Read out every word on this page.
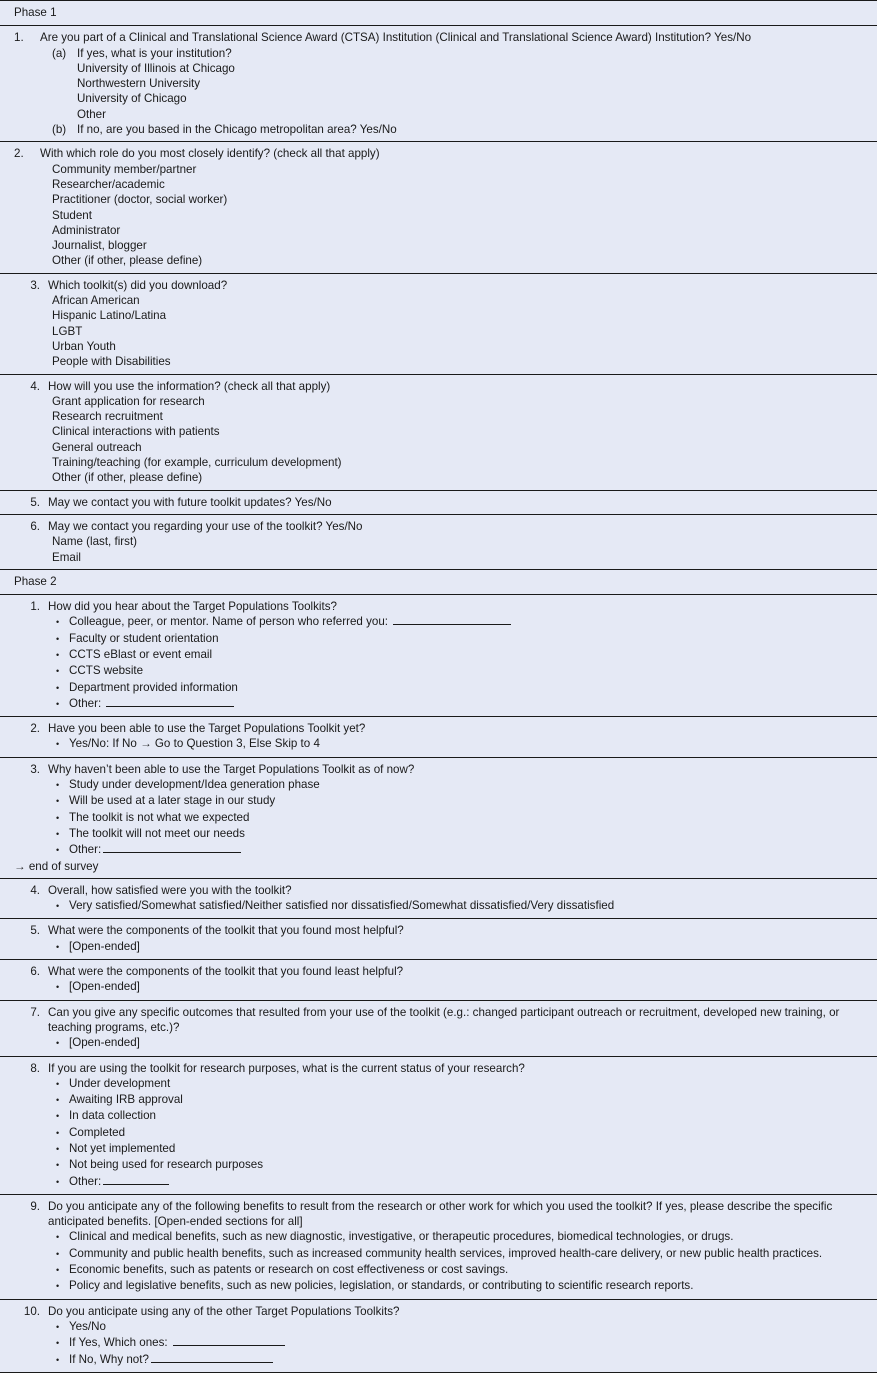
Phase 1
1.	Are you part of a Clinical and Translational Science Award (CTSA) Institution (Clinical and Translational Science Award) Institution? Yes/No
(a) If yes, what is your institution?
University of Illinois at Chicago
Northwestern University
University of Chicago
Other
(b) If no, are you based in the Chicago metropolitan area? Yes/No
2.	With which role do you most closely identify? (check all that apply)
Community member/partner
Researcher/academic
Practitioner (doctor, social worker)
Student
Administrator
Journalist, blogger
Other (if other, please define)
3. Which toolkit(s) did you download?
African American
Hispanic Latino/Latina
LGBT
Urban Youth
People with Disabilities
4. How will you use the information? (check all that apply)
Grant application for research
Research recruitment
Clinical interactions with patients
General outreach
Training/teaching (for example, curriculum development)
Other (if other, please define)
5. May we contact you with future toolkit updates? Yes/No
6. May we contact you regarding your use of the toolkit? Yes/No
Name (last, first)
Email
Phase 2
1. How did you hear about the Target Populations Toolkits?
•
Colleague, peer, or mentor. Name of person who referred you:
•
Faculty or student orientation
•
CCTS eBlast or event email
•
CCTS website
•
Department provided information
•
Other:
2. Have you been able to use the Target Populations Toolkit yet?
•
Yes/No: If No → Go to Question 3, Else Skip to 4
3. Why haven’t been able to use the Target Populations Toolkit as of now?
•
Study under development/Idea generation phase
•
Will be used at a later stage in our study
•
The toolkit is not what we expected
•
The toolkit will not meet our needs
•
Other:
→ end of survey
4. Overall, how satisfied were you with the toolkit?
•
Very satisfied/Somewhat satisfied/Neither satisfied nor dissatisfied/Somewhat dissatisfied/Very dissatisfied
5. What were the components of the toolkit that you found most helpful?
•
[Open-ended]
6. What were the components of the toolkit that you found least helpful?
•
[Open-ended]
7. Can you give any specific outcomes that resulted from your use of the toolkit (e.g.: changed participant outreach or recruitment, developed new training, or teaching programs, etc.)?
•
[Open-ended]
8. If you are using the toolkit for research purposes, what is the current status of your research?
•
Under development
•
Awaiting IRB approval
•
In data collection
•
Completed
•
Not yet implemented
•
Not being used for research purposes
•
Other:
9. Do you anticipate any of the following benefits to result from the research or other work for which you used the toolkit? If yes, please describe the specific anticipated benefits. [Open-ended sections for all]
•
Clinical and medical benefits, such as new diagnostic, investigative, or therapeutic procedures, biomedical technologies, or drugs.
•
Community and public health benefits, such as increased community health services, improved health-care delivery, or new public health practices.
•
Economic benefits, such as patents or research on cost effectiveness or cost savings.
•
Policy and legislative benefits, such as new policies, legislation, or standards, or contributing to scientific research reports.
10. Do you anticipate using any of the other Target Populations Toolkits?
•
Yes/No
•
If Yes, Which ones:
•
If No, Why not?
